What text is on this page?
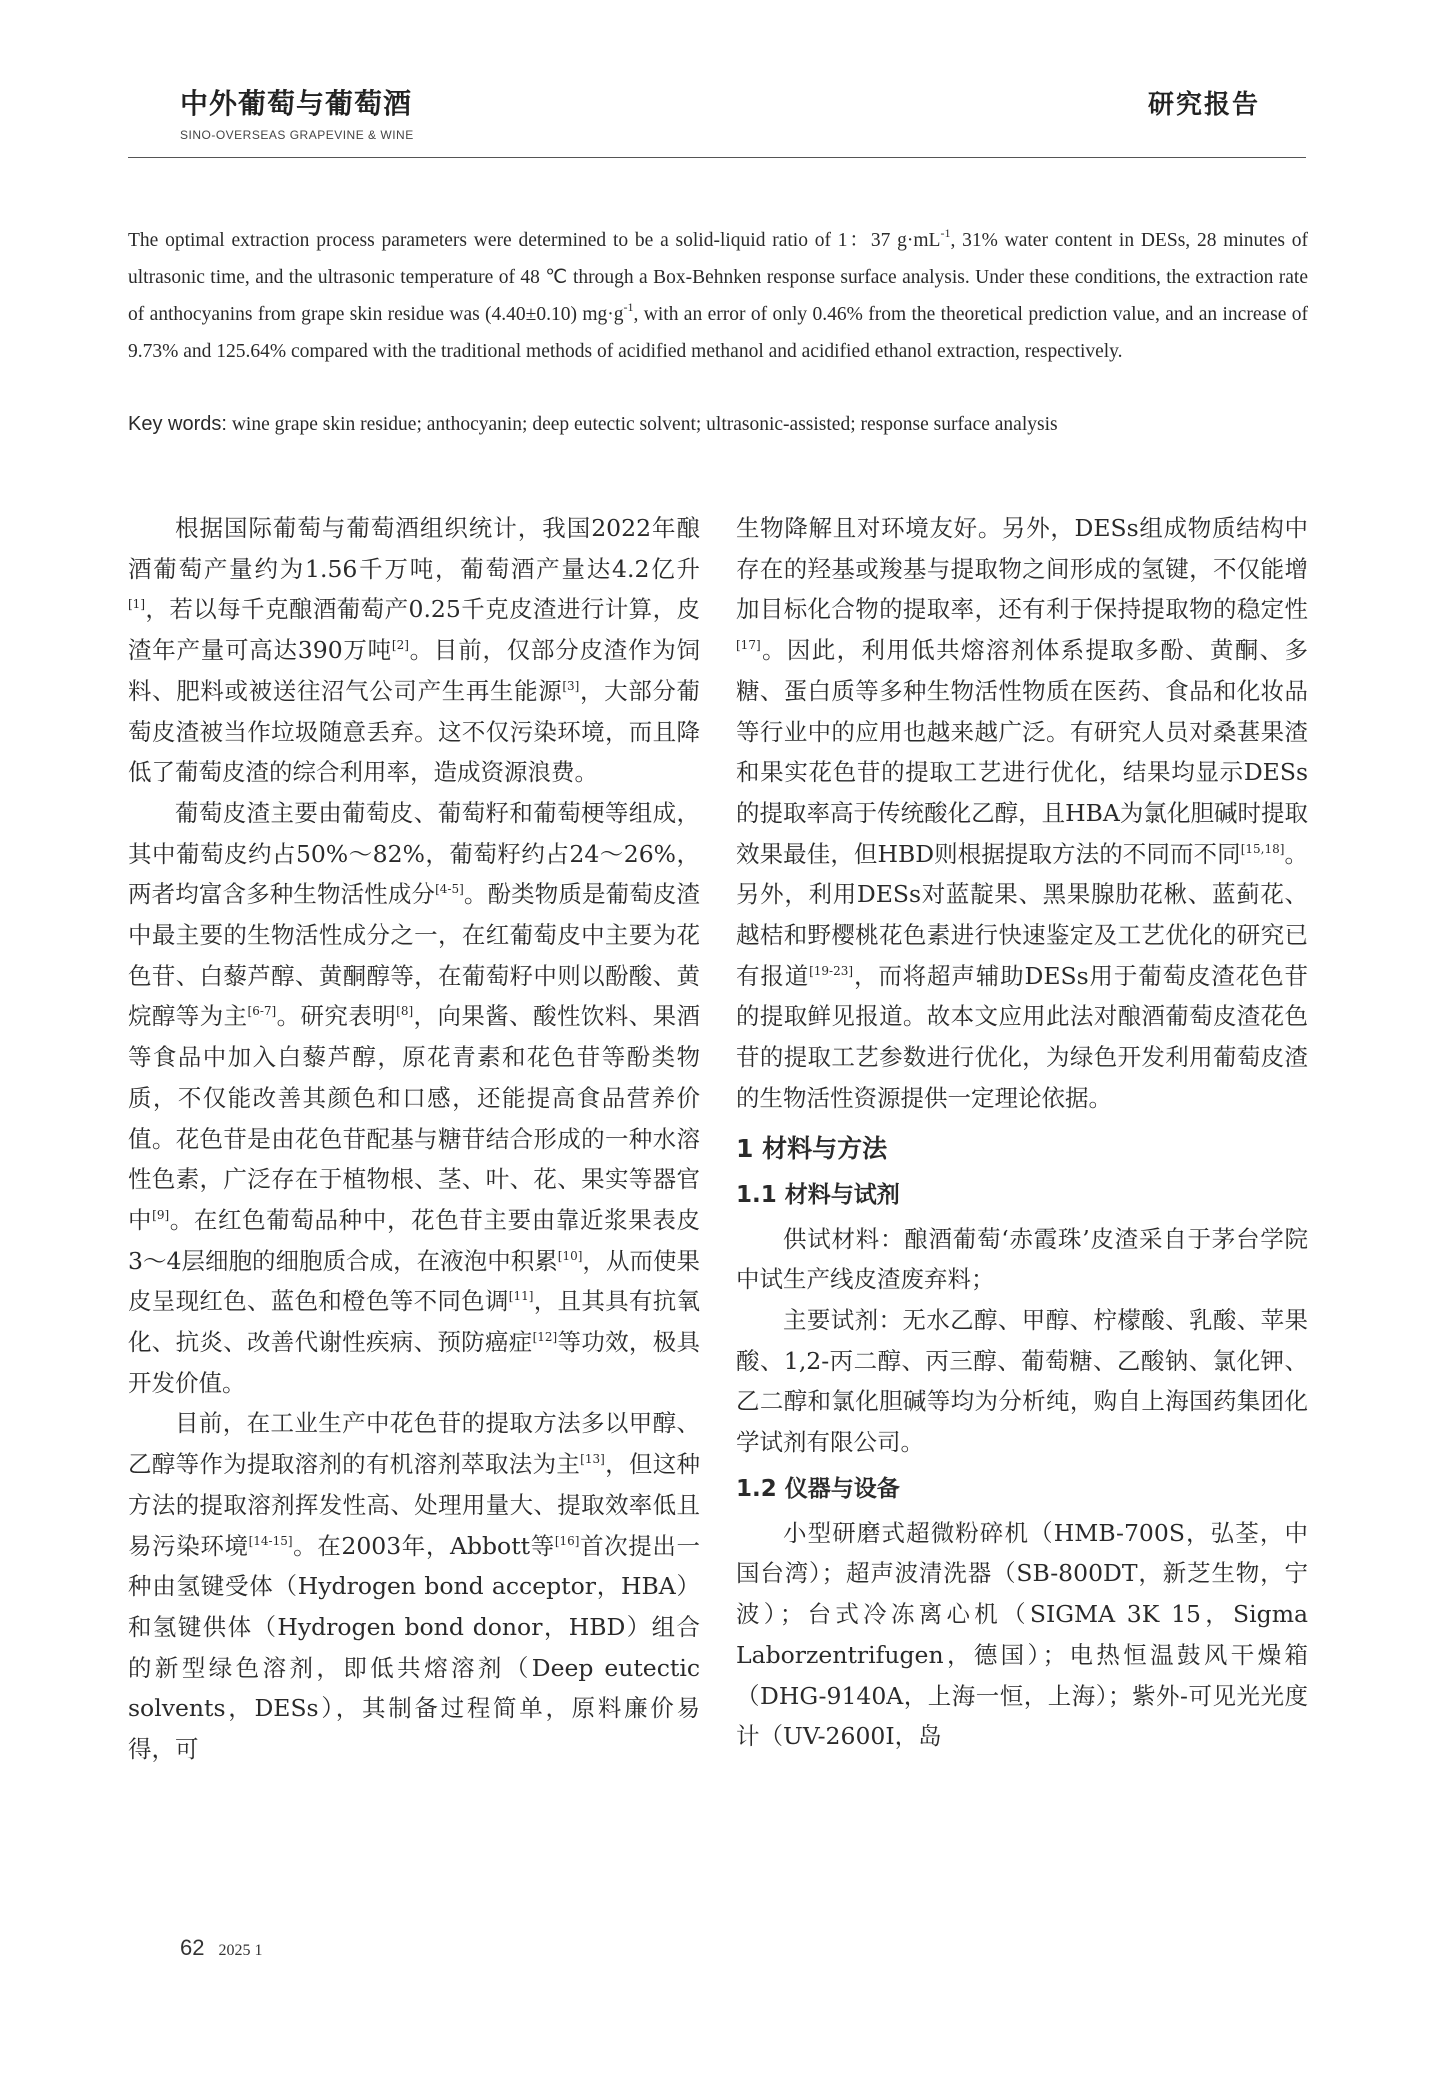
中外葡萄与葡萄酒
SINO-OVERSEAS GRAPEVINE & WINE
研究报告
The optimal extraction process parameters were determined to be a solid-liquid ratio of 1：37 $g\cdot mL^{-1}$, 31% water content in DESs, 28 minutes of ultrasonic time, and the ultrasonic temperature of 48 ℃ through a Box-Behnken response surface analysis. Under these conditions, the extraction rate of anthocyanins from grape skin residue was (4.40±0.10) $mg\cdot g^{-1}$, with an error of only 0.46% from the theoretical prediction value, and an increase of 9.73% and 125.64% compared with the traditional methods of acidified methanol and acidified ethanol extraction, respectively.
Key words: wine grape skin residue; anthocyanin; deep eutectic solvent; ultrasonic-assisted; response surface analysis

根据国际葡萄与葡萄酒组织统计，我国2022年酿酒葡萄产量约为1.56千万吨，葡萄酒产量达4.2亿升[1]，若以每千克酿酒葡萄产0.25千克皮渣进行计算，皮渣年产量可高达390万吨[2]。目前，仅部分皮渣作为饲料、肥料或被送往沼气公司产生再生能源[3]，大部分葡萄皮渣被当作垃圾随意丢弃。这不仅污染环境，而且降低了葡萄皮渣的综合利用率，造成资源浪费。

葡萄皮渣主要由葡萄皮、葡萄籽和葡萄梗等组成，其中葡萄皮约占50%～82%，葡萄籽约占24～26%，两者均富含多种生物活性成分[4-5]。酚类物质是葡萄皮渣中最主要的生物活性成分之一，在红葡萄皮中主要为花色苷、白藜芦醇、黄酮醇等，在葡萄籽中则以酚酸、黄烷醇等为主[6-7]。研究表明[8]，向果酱、酸性饮料、果酒等食品中加入白藜芦醇，原花青素和花色苷等酚类物质，不仅能改善其颜色和口感，还能提高食品营养价值。花色苷是由花色苷配基与糖苷结合形成的一种水溶性色素，广泛存在于植物根、茎、叶、花、果实等器官中[9]。在红色葡萄品种中，花色苷主要由靠近浆果表皮3～4层细胞的细胞质合成，在液泡中积累[10]，从而使果皮呈现红色、蓝色和橙色等不同色调[11]，且其具有抗氧化、抗炎、改善代谢性疾病、预防癌症[12]等功效，极具开发价值。

目前，在工业生产中花色苷的提取方法多以甲醇、乙醇等作为提取溶剂的有机溶剂萃取法为主[13]，但这种方法的提取溶剂挥发性高、处理用量大、提取效率低且易污染环境[14-15]。在2003年，Abbott等[16]首次提出一种由氢键受体（Hydrogen bond acceptor，HBA）和氢键供体（Hydrogen bond donor，HBD）组合的新型绿色溶剂，即低共熔溶剂（Deep eutectic solvents，DESs），其制备过程简单，原料廉价易得，可

生物降解且对环境友好。另外，DESs组成物质结构中存在的羟基或羧基与提取物之间形成的氢键，不仅能增加目标化合物的提取率，还有利于保持提取物的稳定性[17]。因此，利用低共熔溶剂体系提取多酚、黄酮、多糖、蛋白质等多种生物活性物质在医药、食品和化妆品等行业中的应用也越来越广泛。有研究人员对桑葚果渣和果实花色苷的提取工艺进行优化，结果均显示DESs的提取率高于传统酸化乙醇，且HBA为氯化胆碱时提取效果最佳，但HBD则根据提取方法的不同而不同[15,18]。另外，利用DESs对蓝靛果、黑果腺肋花楸、蓝蓟花、越桔和野樱桃花色素进行快速鉴定及工艺优化的研究已有报道[19-23]，而将超声辅助DESs用于葡萄皮渣花色苷的提取鲜见报道。故本文应用此法对酿酒葡萄皮渣花色苷的提取工艺参数进行优化，为绿色开发利用葡萄皮渣的生物活性资源提供一定理论依据。

1 材料与方法
1.1 材料与试剂

供试材料：酿酒葡萄‘赤霞珠’皮渣采自于茅台学院中试生产线皮渣废弃料；

主要试剂：无水乙醇、甲醇、柠檬酸、乳酸、苹果酸、1,2-丙二醇、丙三醇、葡萄糖、乙酸钠、氯化钾、乙二醇和氯化胆碱等均为分析纯，购自上海国药集团化学试剂有限公司。

1.2 仪器与设备

小型研磨式超微粉碎机（HMB-700S，弘荃，中国台湾）；超声波清洗器（SB-800DT，新芝生物，宁波）；台式冷冻离心机（SIGMA 3K 15，Sigma Laborzentrifugen，德国）；电热恒温鼓风干燥箱（DHG-9140A，上海一恒，上海）；紫外-可见光光度计（UV-2600I，岛

62 2025 1
